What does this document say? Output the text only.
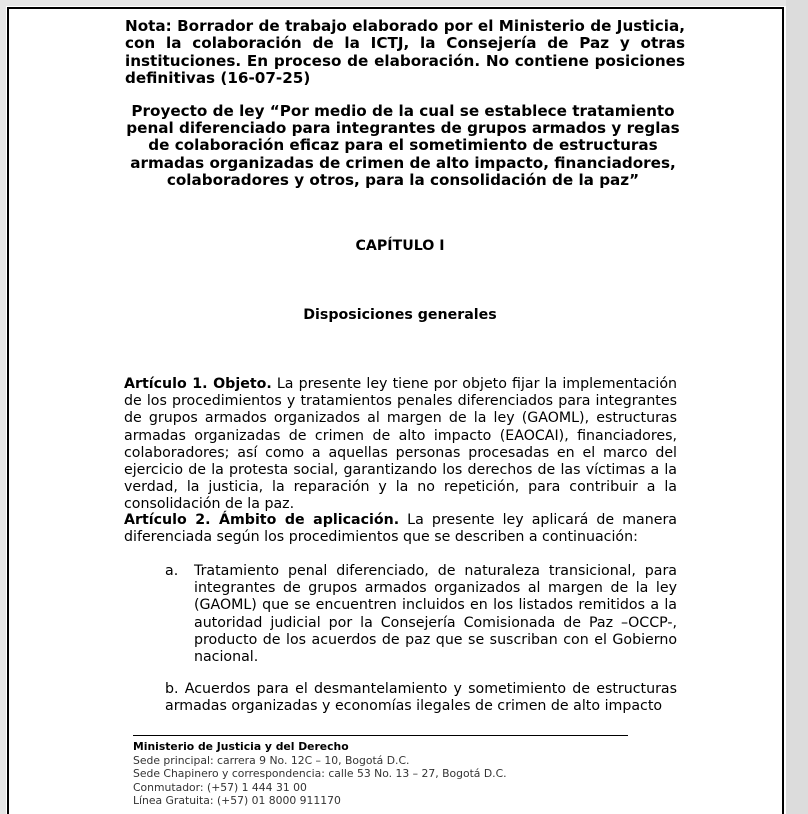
Nota: Borrador de trabajo elaborado por el Ministerio de Justicia, con la colaboración de la ICTJ, la Consejería de Paz y otras instituciones. En proceso de elaboración. No contiene posiciones definitivas (16-07-25)

Proyecto de ley “Por medio de la cual se establece tratamiento penal diferenciado para integrantes de grupos armados y reglas de colaboración eficaz para el sometimiento de estructuras armadas organizadas de crimen de alto impacto, financiadores, colaboradores y otros, para la consolidación de la paz”

CAPÍTULO I

Disposiciones generales

Artículo 1. Objeto. La presente ley tiene por objeto fijar la implementación de los procedimientos y tratamientos penales diferenciados para integrantes de grupos armados organizados al margen de la ley (GAOML), estructuras armadas organizadas de crimen de alto impacto (EAOCAI), financiadores, colaboradores; así como a aquellas personas procesadas en el marco del ejercicio de la protesta social, garantizando los derechos de las víctimas a la verdad, la justicia, la reparación y la no repetición, para contribuir a la consolidación de la paz.

Artículo 2. Ámbito de aplicación. La presente ley aplicará de manera diferenciada según los procedimientos que se describen a continuación:

a. Tratamiento penal diferenciado, de naturaleza transicional, para integrantes de grupos armados organizados al margen de la ley (GAOML) que se encuentren incluidos en los listados remitidos a la autoridad judicial por la Consejería Comisionada de Paz –OCCP-, producto de los acuerdos de paz que se suscriban con el Gobierno nacional.

b. Acuerdos para el desmantelamiento y sometimiento de estructuras armadas organizadas y economías ilegales de crimen de alto impacto

Ministerio de Justicia y del Derecho
Sede principal: carrera 9 No. 12C – 10, Bogotá D.C.
Sede Chapinero y correspondencia: calle 53 No. 13 – 27, Bogotá D.C.
Conmutador: (+57) 1 444 31 00
Línea Gratuita: (+57) 01 8000 911170
